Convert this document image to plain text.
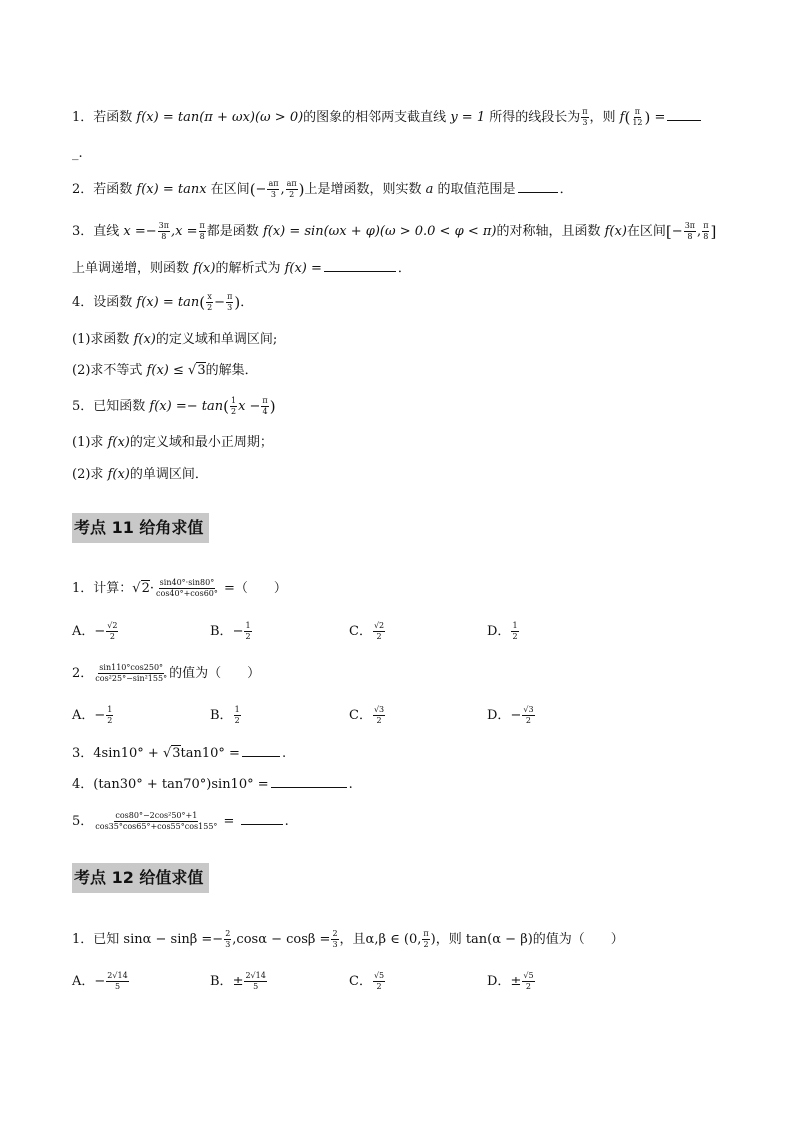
1．若函数 f(x) = tan(π + ωx)(ω > 0)的图象的相邻两支截直线 y = 1 所得的线段长为 $\frac{\pi}{3}$ ，则 $f( \frac{\pi}{12}$ ) =
_.
2．若函数 f(x) = tanx 在区间(− $\frac{a\pi}{3}$ , $\frac{a\pi}{2}$ )上是增函数，则实数 a 的取值范围是	．
3．直线 $x =- \frac{3\pi}{8} ,x = \frac{\pi}{8}$ 都是函数 f(x) = sin(ωx + φ)(ω > 0.0 < φ < π)的对称轴，且函数 f(x)在区间[− $\frac{3\pi}{8}$ , $\frac{\pi}{8}$ ]
上单调递增，则函数 f(x)的解析式为 f(x) =	．
4．设函数 $f(x) = \tan( \frac{x}{2} - \frac{\pi}{3}$ )．
(1)求函数 f(x)的定义域和单调区间;
(2)求不等式 f(x) ≤ √3的解集．
5．已知函数 $f(x) =- \tan( \frac{1}{2}$ $x - \frac{\pi}{4}$ )
(1)求 f(x)的定义域和最小正周期；
(2)求 f(x)的单调区间．
考点 11 给角求值
1．计算：$√2\cdot \frac{\sin 40^\circ\cdot\sin 80^\circ}{\cos 40^\circ+\cos 60^\circ}$ =（　　）
A．− $\frac{√2}{2}$	B．− $\frac{1}{2}$	C． $\frac{√2}{2}$	D． $\frac{1}{2}$
2． $\frac{\sin 110^\circ\cos 250^\circ}{\text{cos²25°−sin²155°}}$ 的值为（　　）
A．− $\frac{1}{2}$	B． $\frac{1}{2}$	C． $\frac{√3}{2}$	D．− $\frac{√3}{2}$
3．4sin10° + √3tan10° =	.
4．(tan30° + tan70°)sin10° =	.
5． $\frac{\text{cos80°−2cos²50°+1}}{\cos 35^\circ\cos 65^\circ+\cos 55^\circ\cos 155^\circ}$ =	.
考点 12 给值求值
1．已知 $\sin\alpha - \sin\beta =- \frac{2}{3} ,\cos\alpha - \cos\beta = \frac{2}{3}$ ，且α,β ∈ (0, $\frac{\pi}{2}$ )，则 tan(α − β)的值为（　　）
A．− $\frac{2√14}{5}$	B．± $\frac{2√14}{5}$	C． $\frac{√5}{2}$	D．± $\frac{√5}{2}$
